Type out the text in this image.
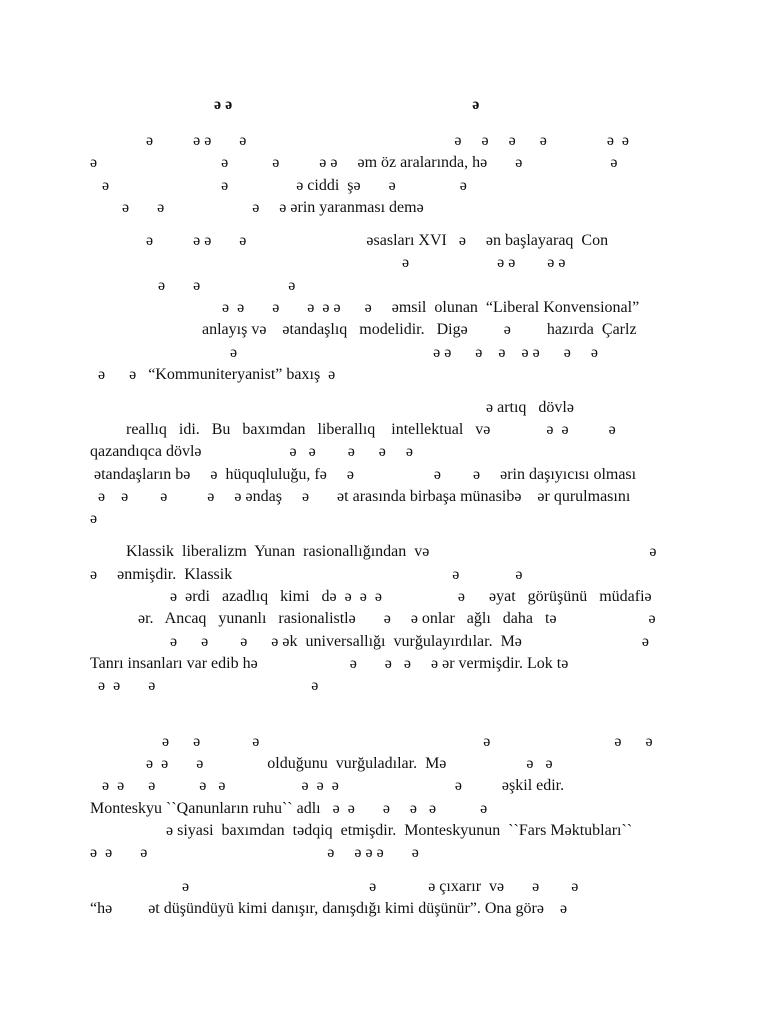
ə ə                                                            ə
ə          ə ə       ə                                                    ə     ə     ə      ə               ə  ə
ə                               ə           ə          ə ə     əm öz aralarında, hə       ə                      ə
ə                            ə                 ə ciddi  şə       ə                ə
ə       ə                      ə     ə ərin yaranması demə
ə          ə ə       ə                              əsasları XVI   ə     ən başlayaraq  Con
ə                      ə ə        ə ə
ə       ə                      ə
ə  ə       ə       ə  ə ə      ə     əmsil  olunan  “Liberal Konvensional”
anlayış və    ətandaşlıq   modelidir.   Digə         ə         hazırda  Çarlz
ə                                                 ə ə      ə    ə    ə ə      ə     ə
ə      ə   “Kommuniteryanist” baxış  ə
ə artıq   dövlə
reallıq   idi.   Bu   baxımdan   liberallıq    intellektual   və              ə  ə          ə
qazandıqca dövlə                      ə   ə        ə      ə     ə
ətandaşların bə     ə  hüquqluluğu, fə     ə                    ə        ə     ərin daşıyıcısı olması
ə    ə        ə          ə     ə əndaş     ə       ət arasında birbaşa münasibə    ər qurulmasını
ə
Klassik  liberalizm  Yunan  rasionallığından  və                                                       ə
ə     ənmişdir.  Klassik                                                       ə              ə
ə  ərdi   azadlıq   kimi   də  ə  ə  ə                   ə      əyat   görüşünü   müdafiə
ər.   Ancaq   yunanlı   rasionalistlə       ə     ə onlar   ağlı   daha   tə                       ə
ə      ə        ə      ə ək  universallığı  vurğulayırdılar.  Mə                              ə
Tanrı insanları var edib hə                       ə       ə   ə     ə ər vermişdir. Lok tə
ə  ə       ə                                       ə
ə      ə             ə                                                        ə                               ə      ə
ə  ə       ə                olduğunu  vurğuladılar.  Mə                    ə   ə
ə  ə      ə           ə   ə                   ə  ə  ə                             ə          əşkil edir.
Monteskyu ``Qanunların ruhu`` adlı   ə  ə       ə     ə   ə           ə
ə siyasi  baxımdan  tədqiq  etmişdir.  Monteskyunun  ``Fars Məktubları``
ə  ə       ə                                             ə     ə ə ə       ə
ə                                             ə             ə çıxarır  və       ə        ə
“hə         ət düşündüyü kimi danışır, danışdığı kimi düşünür”. Ona görə    ə
